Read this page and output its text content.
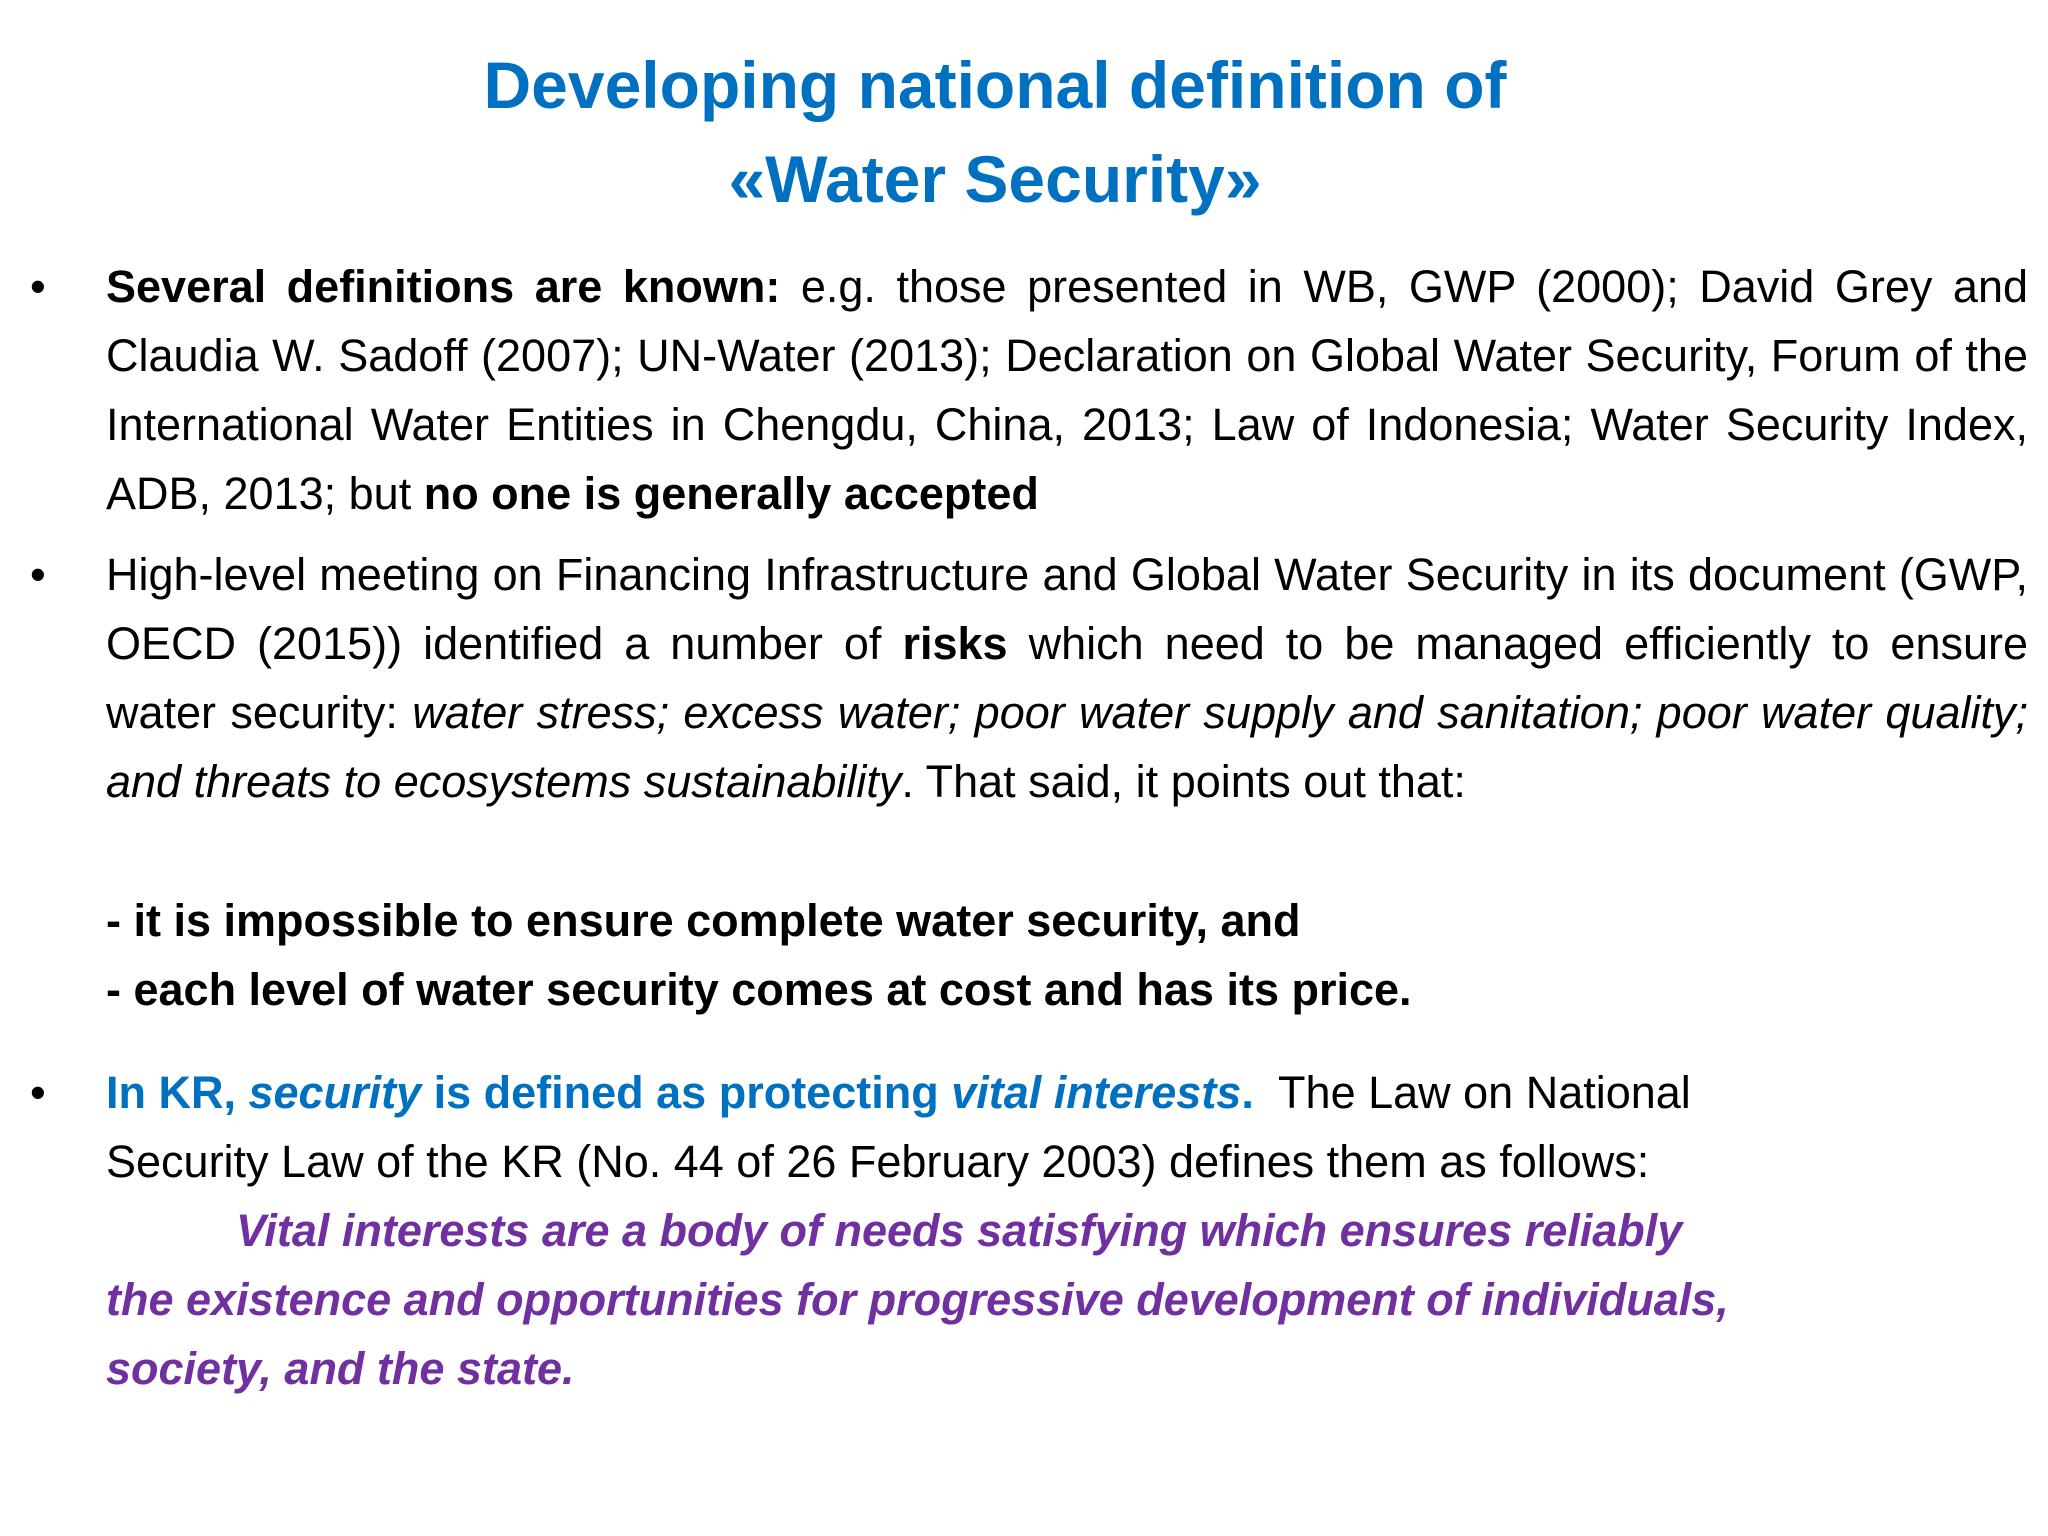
Developing national definition of
«Water Security»
• Several definitions are known: e.g. those presented in WB, GWP (2000); David Grey and Claudia W. Sadoff (2007); UN-Water (2013); Declaration on Global Water Security, Forum of the International Water Entities in Chengdu, China, 2013; Law of Indonesia; Water Security Index, ADB, 2013; but no one is generally accepted
• High-level meeting on Financing Infrastructure and Global Water Security in its document (GWP, OECD (2015)) identified a number of risks which need to be managed efficiently to ensure water security: water stress; excess water; poor water supply and sanitation; poor water quality; and threats to ecosystems sustainability. That said, it points out that:
- it is impossible to ensure complete water security, and
- each level of water security comes at cost and has its price.
• In KR, security is defined as protecting vital interests.  The Law on National
Security Law of the KR (No. 44 of 26 February 2003) defines them as follows:
Vital interests are a body of needs satisfying which ensures reliably
the existence and opportunities for progressive development of individuals,
society, and the state.
